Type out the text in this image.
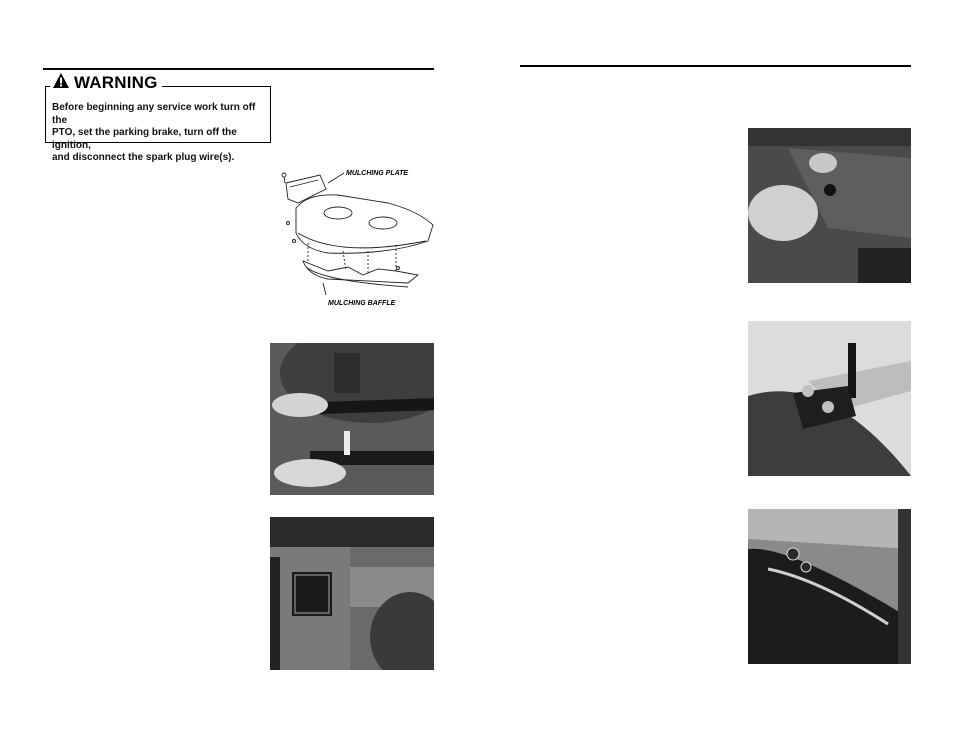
WARNING
Before beginning any service work turn off the
PTO, set the parking brake, turn off the ignition,
and disconnect the spark plug wire(s).
MULCHING PLATE
MULCHING BAFFLE
